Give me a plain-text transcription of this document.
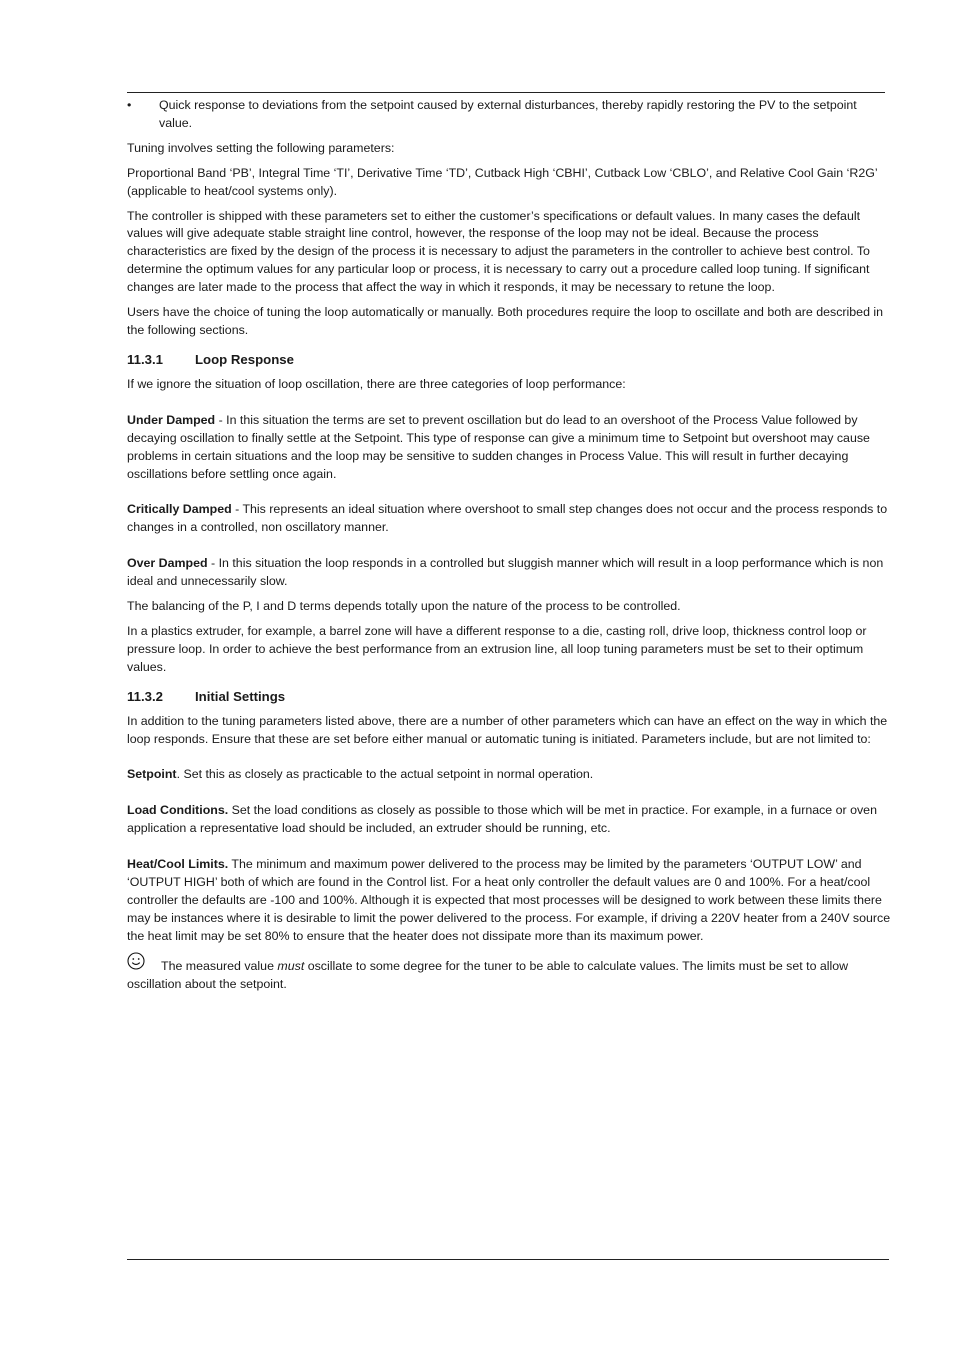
•	Quick response to deviations from the setpoint caused by external disturbances, thereby rapidly restoring the PV to the setpoint value.

Tuning involves setting the following parameters:

Proportional Band ‘PB’, Integral Time ‘TI’, Derivative Time ‘TD’, Cutback High ‘CBHI’, Cutback Low ‘CBLO’, and Relative Cool Gain ‘R2G’ (applicable to heat/cool systems only).

The controller is shipped with these parameters set to either the customer’s specifications or default values. In many cases the default values will give adequate stable straight line control, however, the response of the loop may not be ideal. Because the process characteristics are fixed by the design of the process it is necessary to adjust the parameters in the controller to achieve best control. To determine the optimum values for any particular loop or process, it is necessary to carry out a procedure called loop tuning. If significant changes are later made to the process that affect the way in which it responds, it may be necessary to retune the loop.

Users have the choice of tuning the loop automatically or manually. Both procedures require the loop to oscillate and both are described in the following sections.

11.3.1 Loop Response

If we ignore the situation of loop oscillation, there are three categories of loop performance:

Under Damped - In this situation the terms are set to prevent oscillation but do lead to an overshoot of the Process Value followed by decaying oscillation to finally settle at the Setpoint. This type of response can give a minimum time to Setpoint but overshoot may cause problems in certain situations and the loop may be sensitive to sudden changes in Process Value. This will result in further decaying oscillations before settling once again.

Critically Damped - This represents an ideal situation where overshoot to small step changes does not occur and the process responds to changes in a controlled, non oscillatory manner.

Over Damped - In this situation the loop responds in a controlled but sluggish manner which will result in a loop performance which is non ideal and unnecessarily slow.

The balancing of the P, I and D terms depends totally upon the nature of the process to be controlled.

In a plastics extruder, for example, a barrel zone will have a different response to a die, casting roll, drive loop, thickness control loop or pressure loop. In order to achieve the best performance from an extrusion line, all loop tuning parameters must be set to their optimum values.

11.3.2 Initial Settings

In addition to the tuning parameters listed above, there are a number of other parameters which can have an effect on the way in which the loop responds. Ensure that these are set before either manual or automatic tuning is initiated. Parameters include, but are not limited to:

Setpoint. Set this as closely as practicable to the actual setpoint in normal operation.

Load Conditions. Set the load conditions as closely as possible to those which will be met in practice. For example, in a furnace or oven application a representative load should be included, an extruder should be running, etc.

Heat/Cool Limits. The minimum and maximum power delivered to the process may be limited by the parameters ‘OUTPUT LOW’ and ‘OUTPUT HIGH’ both of which are found in the Control list. For a heat only controller the default values are 0 and 100%. For a heat/cool controller the defaults are -100 and 100%. Although it is expected that most processes will be designed to work between these limits there may be instances where it is desirable to limit the power delivered to the process. For example, if driving a 220V heater from a 240V source the heat limit may be set 80% to ensure that the heater does not dissipate more than its maximum power.

The measured value must oscillate to some degree for the tuner to be able to calculate values. The limits must be set to allow oscillation about the setpoint.
